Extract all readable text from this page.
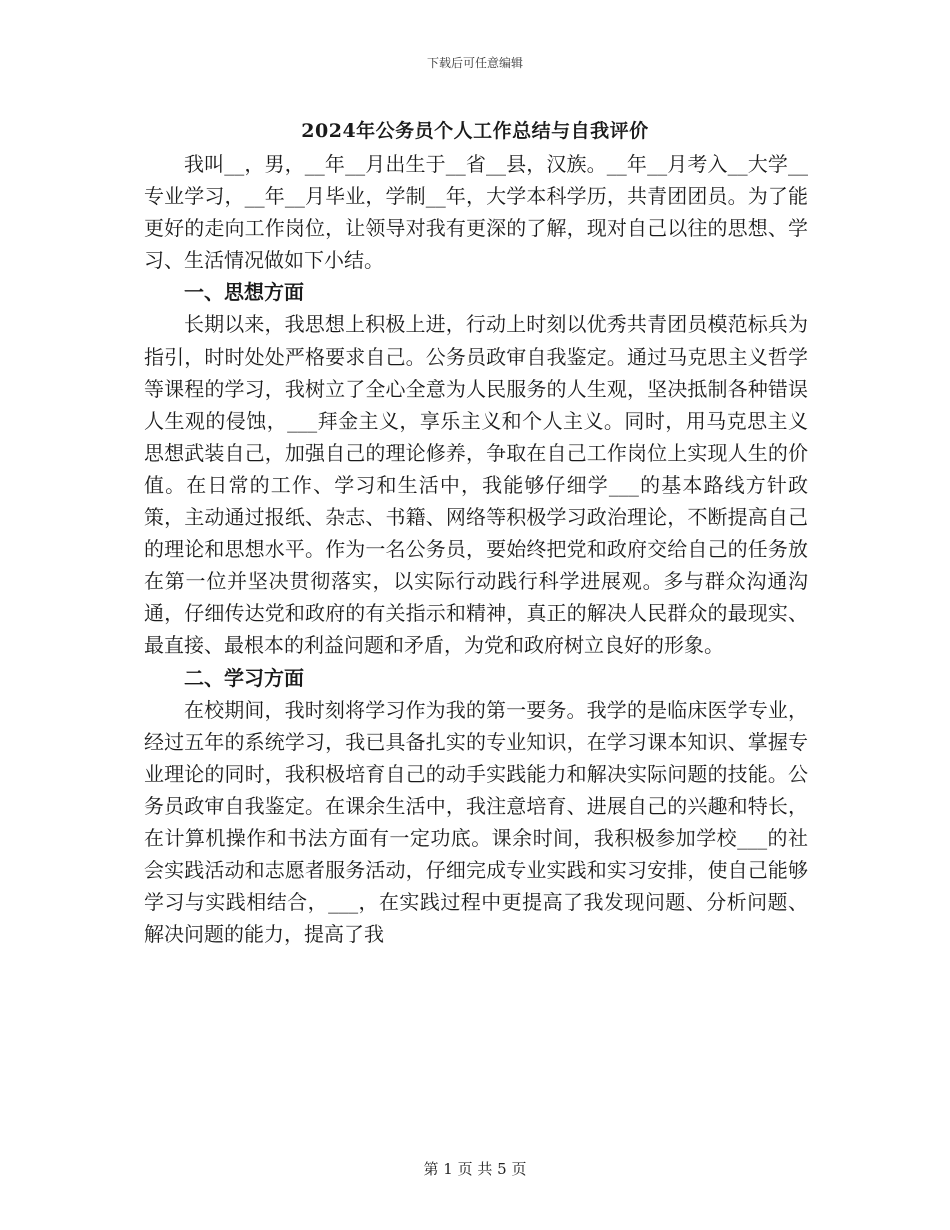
下载后可任意编辑
2024年公务员个人工作总结与自我评价

我叫__，男，__年__月出生于__省__县，汉族。__年__月考入__大学__专业学习，__年__月毕业，学制__年，大学本科学历，共青团团员。为了能更好的走向工作岗位，让领导对我有更深的了解，现对自己以往的思想、学习、生活情况做如下小结。

一、思想方面

长期以来，我思想上积极上进，行动上时刻以优秀共青团员模范标兵为指引，时时处处严格要求自己。公务员政审自我鉴定。通过马克思主义哲学等课程的学习，我树立了全心全意为人民服务的人生观，坚决抵制各种错误人生观的侵蚀，___拜金主义，享乐主义和个人主义。同时，用马克思主义思想武装自己，加强自己的理论修养，争取在自己工作岗位上实现人生的价值。在日常的工作、学习和生活中，我能够仔细学___的基本路线方针政策，主动通过报纸、杂志、书籍、网络等积极学习政治理论，不断提高自己的理论和思想水平。作为一名公务员，要始终把党和政府交给自己的任务放在第一位并坚决贯彻落实，以实际行动践行科学进展观。多与群众沟通沟通，仔细传达党和政府的有关指示和精神，真正的解决人民群众的最现实、最直接、最根本的利益问题和矛盾，为党和政府树立良好的形象。

二、学习方面

在校期间，我时刻将学习作为我的第一要务。我学的是临床医学专业，经过五年的系统学习，我已具备扎实的专业知识，在学习课本知识、掌握专业理论的同时，我积极培育自己的动手实践能力和解决实际问题的技能。公务员政审自我鉴定。在课余生活中，我注意培育、进展自己的兴趣和特长，在计算机操作和书法方面有一定功底。课余时间，我积极参加学校___的社会实践活动和志愿者服务活动，仔细完成专业实践和实习安排，使自己能够学习与实践相结合，___，在实践过程中更提高了我发现问题、分析问题、解决问题的能力，提高了我

第 1 页 共 5 页
